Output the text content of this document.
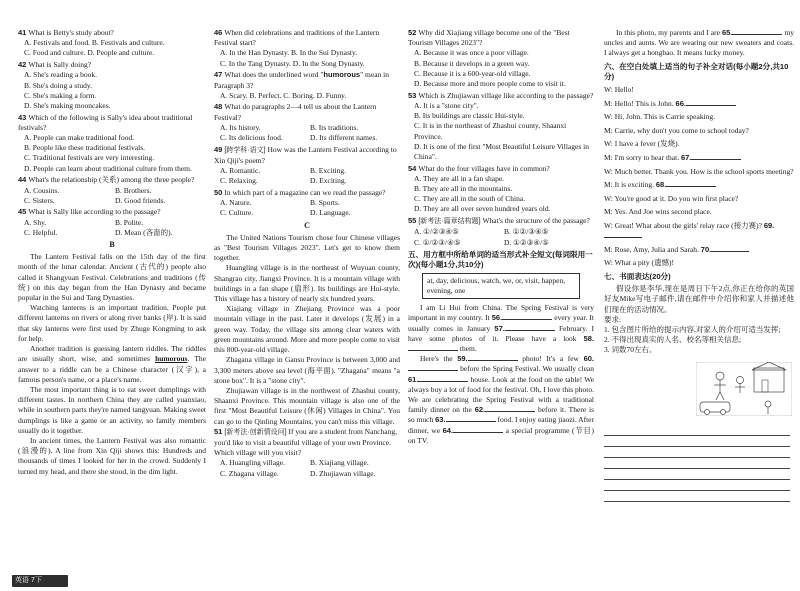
41 What is Betty's study about?
A. Festivals and food. B. Festivals and culture.
C. Food and culture. D. People and culture.
42 What is Sally doing?
A. She's reading a book.
B. She's doing a study.
C. She's making a form.
D. She's making mooncakes.
43 Which of the following is Sally's idea about traditional festivals?
A. People can make traditional food.
B. People like these traditional festivals.
C. Traditional festivals are very interesting.
D. People can learn about traditional culture from them.
44 What's the relationship (关系) among the three people?
A. Cousins.	B. Brothers.
C. Sisters.	D. Good friends.
45 What is Sally like according to the passage?
A. Shy.	B. Polite.
C. Helpful.	D. Mean (吝啬的).
B
The Lantern Festival falls on the 15th day of the first month of the lunar calendar. Ancient (古代的) people also called it Shangyuan Festival. Celebrations and traditions (传统) on this day began from the Han Dynasty and became popular in the Sui and Tang Dynasties.
Watching lanterns is an important tradition. People put different lanterns on rivers or along river banks (岸). It is said that sky lanterns were first used by Zhuge Kongming to ask for help.
Another tradition is guessing lantern riddles. The riddles are usually short, wise, and sometimes humorous. The answer to a riddle can be a Chinese character (汉字), a famous person's name, or a place's name.
The most important thing is to eat sweet dumplings with different tastes. In northern China they are called yuanxiao, while in southern parts they're named tangyuan. Making sweet dumplings is like a game or an activity, so family members usually do it together.
In ancient times, the Lantern Festival was also romantic (浪漫的). A line from Xin Qiji shows this: Hundreds and thousands of times I looked for her in the crowd. Suddenly I turned my head, and there she stood, in the dim light.
46 When did celebrations and traditions of the Lantern Festival start?
A. In the Han Dynasty. B. In the Sui Dynasty.
C. In the Tang Dynasty. D. In the Song Dynasty.
47 What does the underlined word "humorous" mean in Paragraph 3?
A. Scary. B. Perfect. C. Boring. D. Funny.
48 What do paragraphs 2—4 tell us about the Lantern Festival?
A. Its history.	B. Its traditions.
C. Its delicious food.	D. Its different names.
49 [跨学科·语文] How was the Lantern Festival according to Xin Qiji's poem?
A. Romantic.	B. Exciting.
C. Relaxing.	D. Exciting.
50 In which part of a magazine can we read the passage?
A. Nature.	B. Sports.
C. Culture.	D. Language.
C
The United Nations Tourism chose four Chinese villages as "Best Tourism Villages 2023". Let's get to know them together.
Huangling village is in the northeast of Wuyuan county, Shangrao city, Jiangxi Province. It is a mountain village with buildings in a fan shape (扇形). Its buildings are Hui-style. This village has a history of nearly six hundred years.
Xiajiang village in Zhejiang Province was a poor mountain village in the past. Later it develops (发展) in a green way. Today, the village sits among clear waters with green mountains around. More and more people come to visit this 800-year-old village.
Zhagana village in Gansu Province is between 3,000 and 3,300 meters above sea level (海平面). "Zhagana" means "a stone box". It is a "stone city".
Zhujiawan village is in the northwest of Zhashui county, Shaanxi Province. This mountain village is also one of the first "Most Beautiful Leisure (休闲) Villages in China". You can go to the Qinling Mountains, you can't miss this village.
51 [新考法·创新情设问] If you are a student from Nanchang, you'd like to visit a beautiful village of your own Province. Which village will you visit?
A. Huangling village.	B. Xiajiang village.
C. Zhagana village.	D. Zhujiawan village.
52 Why did Xiajiang village become one of the "Best Tourism Villages 2023"?
A. Because it was once a poor village.
B. Because it develops in a green way.
C. Because it is a 600-year-old village.
D. Because more and more people come to visit it.
53 Which is Zhujiawan village like according to the passage?
A. It is a "stone city".
B. Its buildings are classic Hui-style.
C. It is in the northeast of Zhashui county, Shaanxi Province.
D. It is one of the first "Most Beautiful Leisure Villages in China".
54 What do the four villages have in common?
A. They are all in a fan shape.
B. They are all in the mountains.
C. They are all in the south of China.
D. They are all over seven hundred years old.
55 [新考法·篇章结构题] What's the structure of the passage?
A. ①/②③④⑤	B. ①②/③④⑤
C. ①/②③/④⑤	D. ①②③④/⑤
五、用方框中所给单词的适当形式补全短文(每词限用一次)(每小题1分,共10分)
at, day, delicious, watch, we, or, visit, happen, evening, one
I am Li Hui from China. The Spring Festival is very important in my country. It 56.	every year. It usually comes in January 57.	February. I have some photos of it. Please have a look 58. them.
Here's the 59.	photo! It's a few 60. before the Spring Festival. We usually clean 61.	house. Look at the food on the table! We always buy a lot of food for the festival. Oh, I love this photo. We are celebrating the Spring Festival with a traditional family dinner on the 62.	before it. There is so much 63.	food. I enjoy eating jiaozi. After dinner, we 64.	a special programme (节目) on TV.
In this photo, my parents and I are 65.	my uncles and aunts. We are wearing our new sweaters and coats. I always get a hongbao. It means lucky money.
六、在空白处填上适当的句子补全对话(每小题2分,共10分)
W: Hello!
M: Hello! This is John. 66.
W: Hi, John. This is Carrie speaking.
M: Carrie, why don't you come to school today?
W: I have a fever (发烧).
M: I'm sorry to hear that. 67.
W: Much better. Thank you. How is the school sports meeting?
M: It is exciting. 68.
W: You're good at it. Do you win first place?
M: Yes. And Joe wins second place.
W: Great! What about the girls' relay race (接力赛)? 69.
M: Rose, Amy, Julia and Sarah. 70.
W: What a pity (遗憾)!
七、书面表达(20分)
假设你是李华,现在是周日下午2点,你正在给你的英国好友Mike写电子邮件,请在邮件中介绍你和家人并描述他们现在的活动情况。
要求:
1. 包含图片所给的提示内容,对家人的介绍可适当发挥;
2. 不得出现真实的人名、校名等相关信息;
3. 词数70左右。
英语 7下
